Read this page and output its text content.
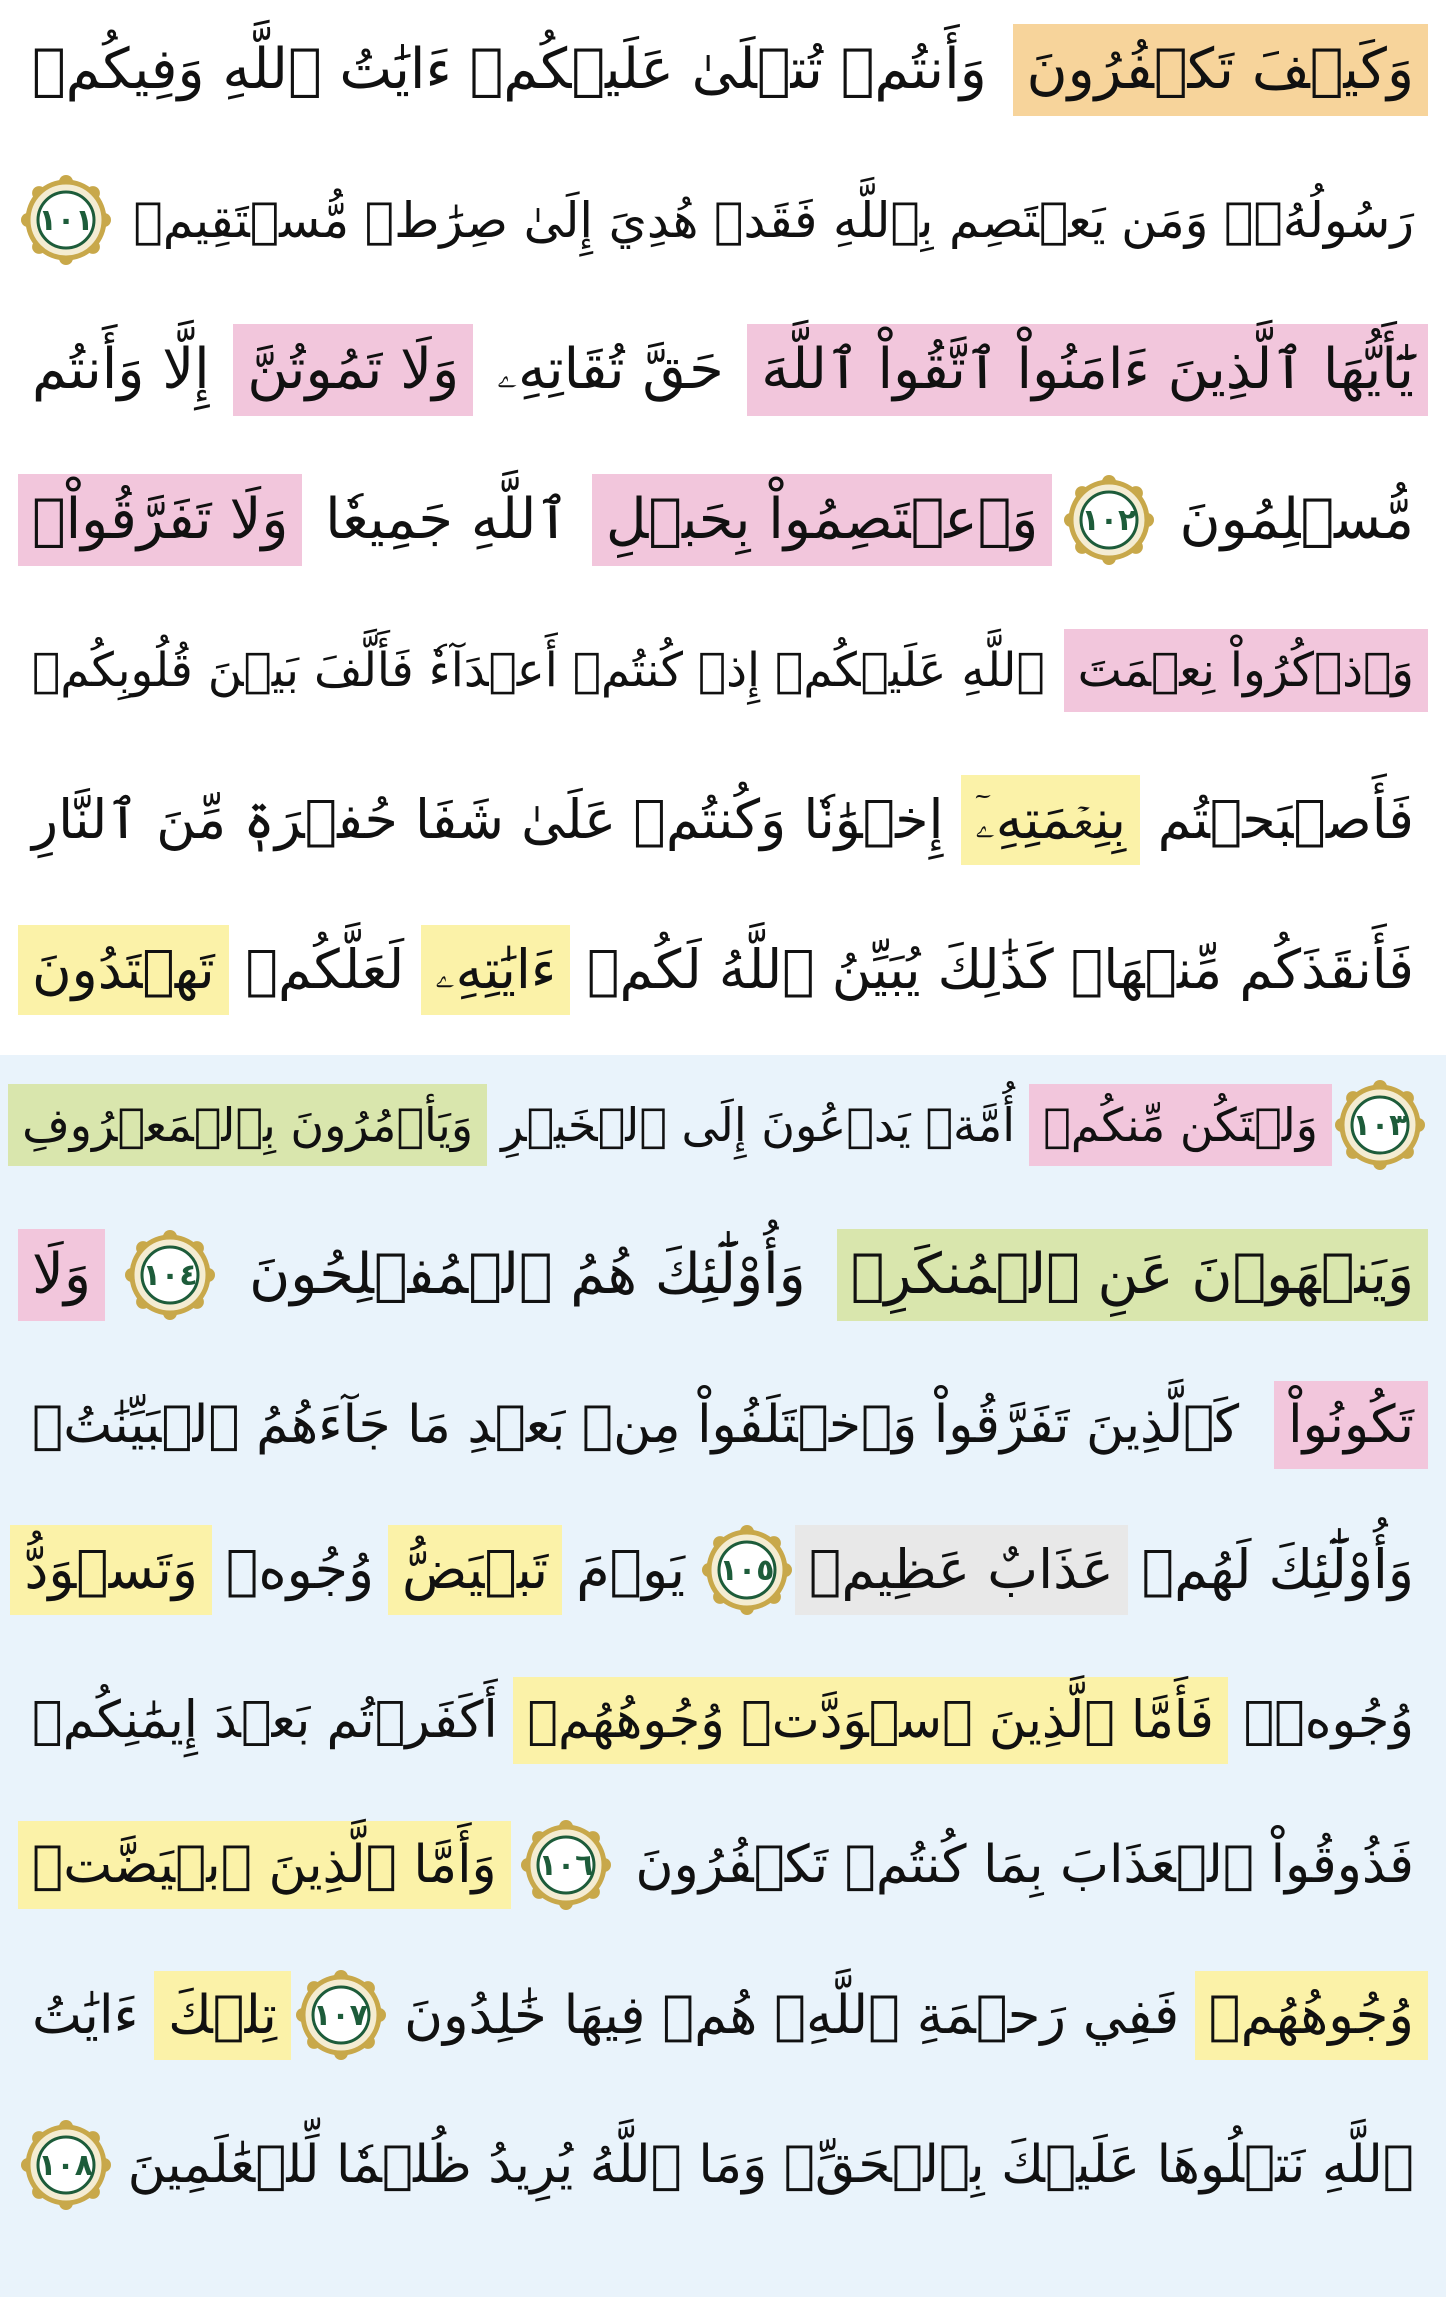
وَكَيۡفَ تَكۡفُرُونَ
وَأَنتُمۡ تُتۡلَىٰ عَلَيۡكُمۡ ءَايَٰتُ ٱللَّهِ وَفِيكُمۡ
رَسُولُهُۥۗ وَمَن يَعۡتَصِم بِٱللَّهِ فَقَدۡ هُدِيَ إِلَىٰ صِرَٰطٖ مُّسۡتَقِيمٖ
١٠١
يَٰٓأَيُّهَا ٱلَّذِينَ ءَامَنُواْ ٱتَّقُواْ ٱللَّهَ
حَقَّ تُقَاتِهِۦ
وَلَا تَمُوتُنَّ
إِلَّا وَأَنتُم
مُّسۡلِمُونَ
١٠٢
وَٱعۡتَصِمُواْ بِحَبۡلِ
ٱللَّهِ جَمِيعٗا
وَلَا تَفَرَّقُواْۚ
وَٱذۡكُرُواْ نِعۡمَتَ
ٱللَّهِ عَلَيۡكُمۡ إِذۡ كُنتُمۡ أَعۡدَآءٗ فَأَلَّفَ بَيۡنَ قُلُوبِكُمۡ
فَأَصۡبَحۡتُم
بِنِعۡمَتِهِۦٓ
إِخۡوَٰنٗا وَكُنتُمۡ عَلَىٰ شَفَا حُفۡرَةٖ مِّنَ ٱلنَّارِ
فَأَنقَذَكُم مِّنۡهَاۗ كَذَٰلِكَ يُبَيِّنُ ٱللَّهُ لَكُمۡ
ءَايَٰتِهِۦ
لَعَلَّكُمۡ
تَهۡتَدُونَ
١٠٣
وَلۡتَكُن مِّنكُمۡ
أُمَّةٞ يَدۡعُونَ إِلَى ٱلۡخَيۡرِ
وَيَأۡمُرُونَ بِٱلۡمَعۡرُوفِ
وَيَنۡهَوۡنَ عَنِ ٱلۡمُنكَرِۚ
وَأُوْلَٰٓئِكَ هُمُ ٱلۡمُفۡلِحُونَ
١٠٤
وَلَا
تَكُونُواْ
كَٱلَّذِينَ تَفَرَّقُواْ وَٱخۡتَلَفُواْ مِنۢ بَعۡدِ مَا جَآءَهُمُ ٱلۡبَيِّنَٰتُۚ
وَأُوْلَٰٓئِكَ لَهُمۡ
عَذَابٌ عَظِيمٞ
١٠٥
يَوۡمَ
تَبۡيَضُّ
وُجُوهٞ
وَتَسۡوَدُّ
وُجُوهٞۚ
فَأَمَّا ٱلَّذِينَ ٱسۡوَدَّتۡ وُجُوهُهُمۡ
أَكَفَرۡتُم بَعۡدَ إِيمَٰنِكُمۡ
فَذُوقُواْ ٱلۡعَذَابَ بِمَا كُنتُمۡ تَكۡفُرُونَ
١٠٦
وَأَمَّا ٱلَّذِينَ ٱبۡيَضَّتۡ
وُجُوهُهُمۡ
فَفِي رَحۡمَةِ ٱللَّهِۖ هُمۡ فِيهَا خَٰلِدُونَ
١٠٧
تِلۡكَ
ءَايَٰتُ
ٱللَّهِ نَتۡلُوهَا عَلَيۡكَ بِٱلۡحَقِّۗ وَمَا ٱللَّهُ يُرِيدُ ظُلۡمٗا لِّلۡعَٰلَمِينَ
١٠٨
